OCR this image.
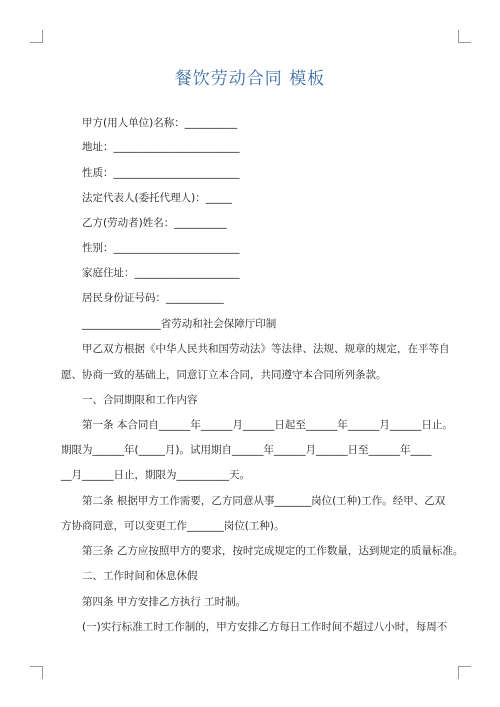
餐饮劳动合同 模板
甲方(用人单位)名称：__________
地址：________________________
性质：________________________
法定代表人(委托代理人)：_____
乙方(劳动者)姓名：__________
性别：________________________
家庭住址：____________________
居民身份证号码：___________
_______________省劳动和社会保障厅印制
甲乙双方根据《中华人民共和国劳动法》等法律、法规、规章的规定，在平等自
愿、协商一致的基础上，同意订立本合同，共同遵守本合同所列条款。
一、合同期限和工作内容
第一条 本合同自______年______月______日起至______年______月______日止。
期限为______年(_____月)。试用期自______年______月______日至______年____
__月______日止，期限为__________天。
第二条 根据甲方工作需要，乙方同意从事_______岗位(工种)工作。经甲、乙双
方协商同意，可以变更工作_______岗位(工种)。
第三条 乙方应按照甲方的要求，按时完成规定的工作数量，达到规定的质量标准。
二、工作时间和休息休假
第四条 甲方安排乙方执行 工时制。
(一)实行标准工时工作制的，甲方安排乙方每日工作时间不超过八小时，每周不
